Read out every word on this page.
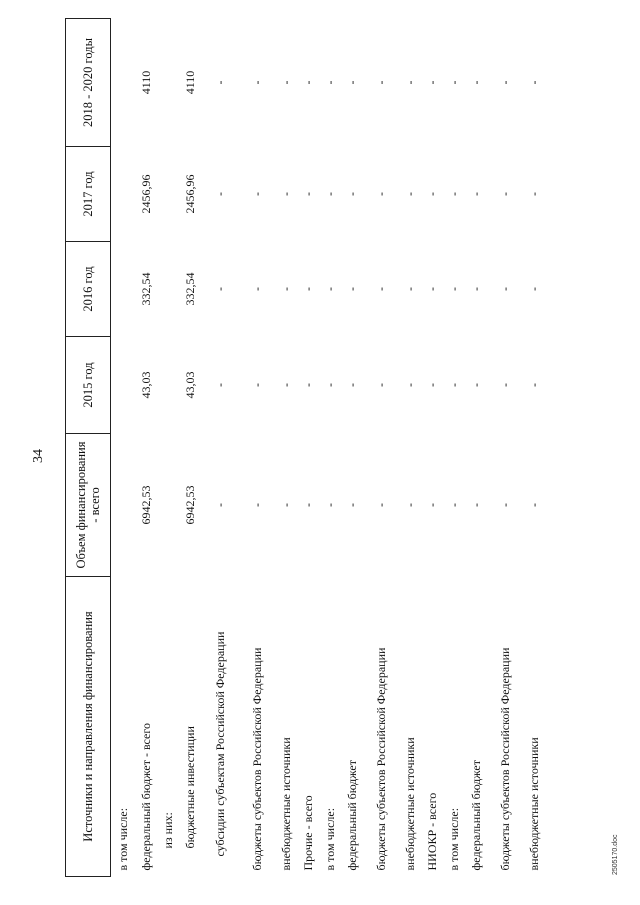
34
Источники и направления финансирования	Объем финансирования - всего	2015 год	2016 год	2017 год	2018 - 2020 годы
в том числе:					
федеральный бюджет - всего	6942,53	43,03	332,54	2456,96	4110
из них:					
бюджетные инвестиции	6942,53	43,03	332,54	2456,96	4110
субсидии субъектам Российской Федерации	-	-	-	-	-
бюджеты субъектов Российской Федерации	-	-	-	-	-
внебюджетные источники	-	-	-	-	-
Прочие - всего	-	-	-	-	-
в том числе:	-	-	-	-	-
федеральный бюджет	-	-	-	-	-
бюджеты субъектов Российской Федерации	-	-	-	-	-
внебюджетные источники	-	-	-	-	-
НИОКР - всего	-	-	-	-	-
в том числе:	-	-	-	-	-
федеральный бюджет	-	-	-	-	-
бюджеты субъектов Российской Федерации	-	-	-	-	-
внебюджетные источники	-	-	-	-	-
2505170.doc
